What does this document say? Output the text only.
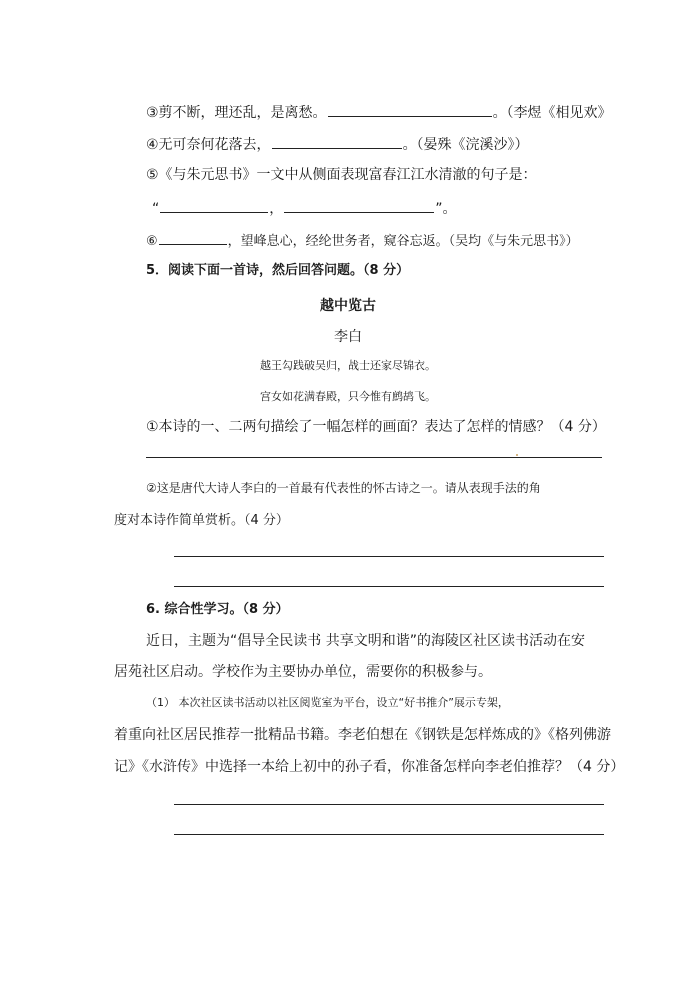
③剪不断，理还乱，是离愁。	。（李煜《相见欢》
④无可奈何花落去，	。（晏殊《浣溪沙》）
⑤《与朱元思书》一文中从侧面表现富春江江水清澈的句子是：
“	，	”。
⑥	，望峰息心，经纶世务者，窥谷忘返。（吴均《与朱元思书》）
5．阅读下面一首诗，然后回答问题。（8 分）
越中览古
李白
越王勾践破吴归，战士还家尽锦衣。
宫女如花满春殿，只今惟有鹧鸪飞。
①本诗的一、二两句描绘了一幅怎样的画面？表达了怎样的情感？（4 分）
②这是唐代大诗人李白的一首最有代表性的怀古诗之一。请从表现手法的角
度对本诗作简单赏析。（4 分）
6. 综合性学习。（8 分）
近日，主题为“倡导全民读书 共享文明和谐”的海陵区社区读书活动在安
居苑社区启动。学校作为主要协办单位，需要你的积极参与。
（1） 本次社区读书活动以社区阅览室为平台，设立“好书推介”展示专架，
着重向社区居民推荐一批精品书籍。李老伯想在《钢铁是怎样炼成的》《格列佛游
记》《水浒传》中选择一本给上初中的孙子看，你准备怎样向李老伯推荐？（4 分）
